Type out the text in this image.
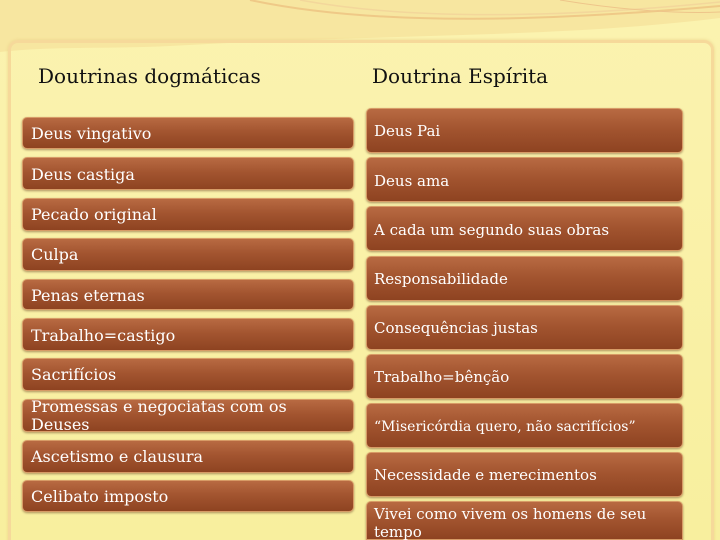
Doutrinas dogmáticas	Doutrina Espírita
Deus vingativo
Deus castiga
Pecado original
Culpa
Penas eternas
Trabalho=castigo
Sacrifícios
Promessas e negociatas com os Deuses
Ascetismo e clausura
Celibato imposto
Deus Pai
Deus ama
A cada um segundo suas obras
Responsabilidade
Consequências justas
Trabalho=bênção
“Misericórdia quero, não sacrifícios”
Necessidade e merecimentos
Vivei como vivem os homens de seu tempo
